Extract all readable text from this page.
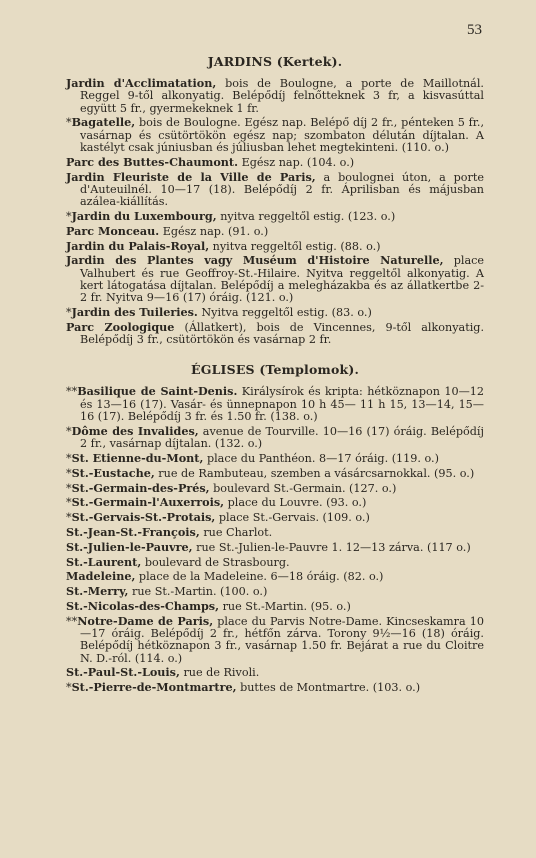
53
JARDINS (Kertek).

Jardin d'Acclimatation, bois de Boulogne, a porte de Maillotnál. Reggel 9-től alkonyatig. Belépődíj felnőtteknek 3 fr, a kisvasúttal együtt 5 fr., gyermekeknek 1 fr.

*Bagatelle, bois de Boulogne. Egész nap. Belépő díj 2 fr., pénteken 5 fr., vasárnap és csütörtökön egész nap; szombaton délután díjtalan. A kastélyt csak júniusban és júliusban lehet megtekinteni. (110. o.)

Parc des Buttes-Chaumont. Egész nap. (104. o.)

Jardin Fleuriste de la Ville de Paris, a boulognei úton, a porte d'Auteuilnél. 10—17 (18). Belépődíj 2 fr. Áprilisban és májusban azálea-kiállítás.

*Jardin du Luxembourg, nyitva reggeltől estig. (123. o.)

Parc Monceau. Egész nap. (91. o.)

Jardin du Palais-Royal, nyitva reggeltől estig. (88. o.)

Jardin des Plantes vagy Muséum d'Histoire Naturelle, place Valhubert és rue Geoffroy-St.-Hilaire. Nyitva reggeltől alkonyatig. A kert látogatása díjtalan. Belépődíj a melegházakba és az állatkertbe 2-2 fr. Nyitva 9—16 (17) óráig. (121. o.)

*Jardin des Tuileries. Nyitva reggeltől estig. (83. o.)

Parc Zoologique (Állatkert), bois de Vincennes, 9-től alkonyatig. Belépődíj 3 fr., csütörtökön és vasárnap 2 fr.

ÉGLISES (Templomok).

**Basilique de Saint-Denis. Királysírok és kripta: hétköznapon 10—12 és 13—16 (17). Vasár- és ünnepnapon 10 h 45— 11 h 15, 13—14, 15—16 (17). Belépődíj 3 fr. és 1.50 fr. (138. o.)

*Dôme des Invalides, avenue de Tourville. 10—16 (17) óráig. Belépődíj 2 fr., vasárnap díjtalan. (132. o.)

*St. Etienne-du-Mont, place du Panthéon. 8—17 óráig. (119. o.)

*St.-Eustache, rue de Rambuteau, szemben a vásárcsarnokkal. (95. o.)

*St.-Germain-des-Prés, boulevard St.-Germain. (127. o.)

*St.-Germain-l'Auxerrois, place du Louvre. (93. o.)

*St.-Gervais-St.-Protais, place St.-Gervais. (109. o.)

St.-Jean-St.-François, rue Charlot.

St.-Julien-le-Pauvre, rue St.-Julien-le-Pauvre 1. 12—13 zárva. (117 o.)

St.-Laurent, boulevard de Strasbourg.

Madeleine, place de la Madeleine. 6—18 óráig. (82. o.)

St.-Merry, rue St.-Martin. (100. o.)

St.-Nicolas-des-Champs, rue St.-Martin. (95. o.)

**Notre-Dame de Paris, place du Parvis Notre-Dame. Kincseskamra 10—17 óráig. Belépődíj 2 fr., hétfőn zárva. Torony 9½—16 (18) óráig. Belépődíj hétköznapon 3 fr., vasárnap 1.50 fr. Bejárat a rue du Cloitre N. D.-ról. (114. o.)

St.-Paul-St.-Louis, rue de Rivoli.

*St.-Pierre-de-Montmartre, buttes de Montmartre. (103. o.)
